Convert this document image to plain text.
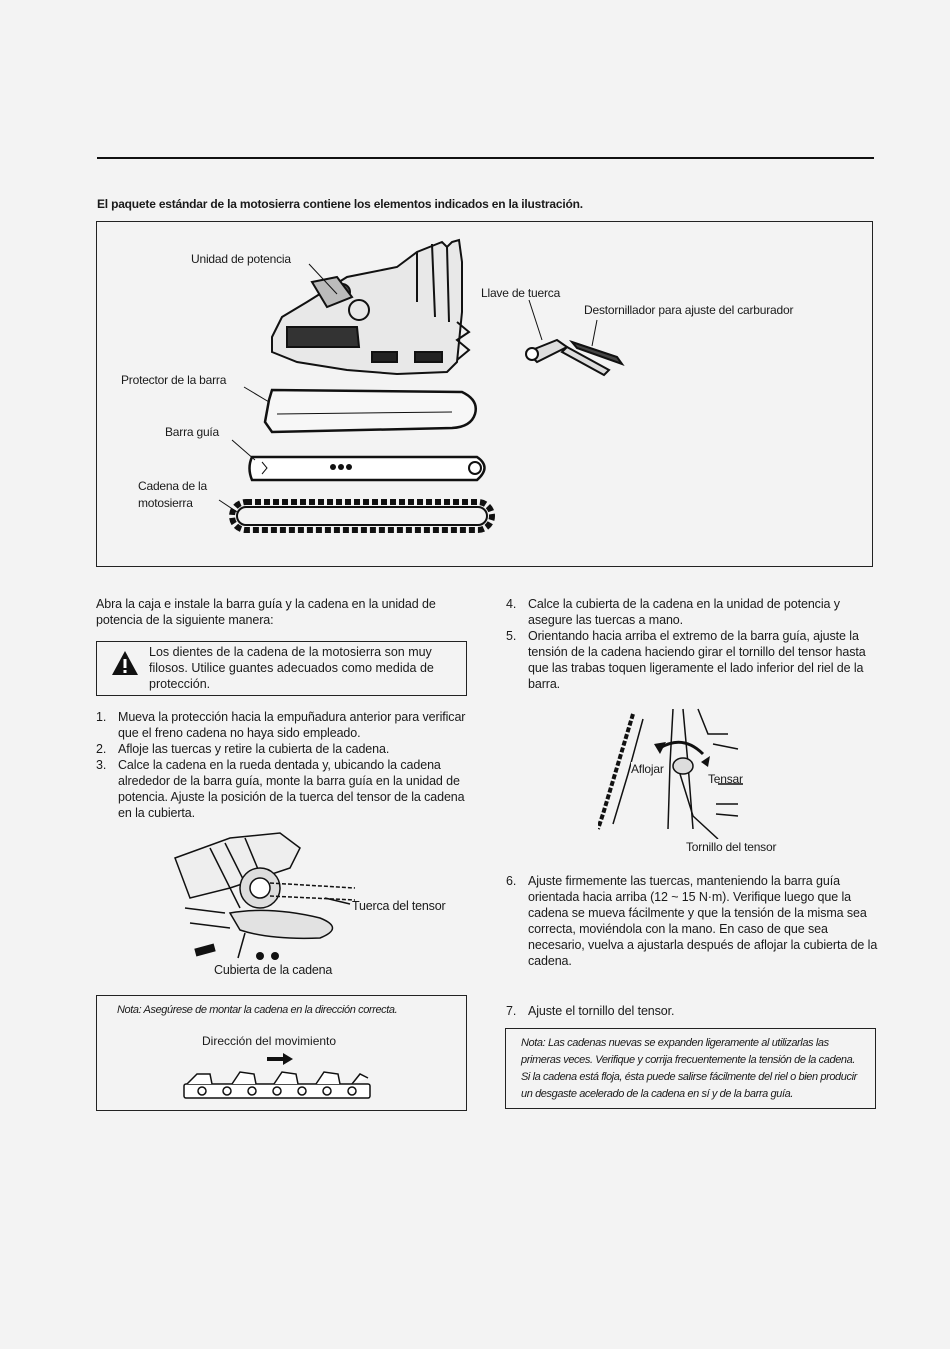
El paquete estándar de la motosierra contiene los elementos indicados en la ilustración.
Unidad de potencia
Llave de tuerca
Destornillador para ajuste del carburador
Protector de la barra
Barra guía
Cadena de la
motosierra
Abra la caja e instale la barra guía y la cadena en la unidad de potencia de la siguiente manera:
Los dientes de la cadena de la motosierra son muy filosos. Utilice guantes adecuados como medida de protección.
1. Mueva la protección hacia la empuñadura anterior para verificar que el freno cadena no haya sido empleado.
2. Afloje las tuercas y retire la cubierta de la cadena.
3. Calce la cadena en la rueda dentada y, ubicando la cadena alrededor de la barra guía, monte la barra guía en la unidad de potencia. Ajuste la posición de la tuerca del tensor de la cadena en la cubierta.
Tuerca del tensor
Cubierta de la cadena
Nota: Asegúrese de montar la cadena en la dirección correcta.
Dirección del movimiento
4. Calce la cubierta de la cadena en la unidad de potencia y asegure las tuercas a mano.
5. Orientando hacia arriba el extremo de la barra guía, ajuste la tensión de la cadena haciendo girar el tornillo del tensor hasta que las trabas toquen ligeramente el lado inferior del riel de la barra.
Aflojar
Tensar
Tornillo del tensor
6. Ajuste firmemente las tuercas, manteniendo la barra guía orientada hacia arriba (12 ~ 15 N·m). Verifique luego que la cadena se mueva fácilmente y que la tensión de la misma sea correcta, moviéndola con la mano. En caso de que sea necesario, vuelva a ajustarla después de aflojar la cubierta de la cadena.
7. Ajuste el tornillo del tensor.
Nota: Las cadenas nuevas se expanden ligeramente al utilizarlas las primeras veces. Verifique y corrija frecuentemente la tensión de la cadena. Si la cadena está floja, ésta puede salirse fácilmente del riel o bien producir un desgaste acelerado de la cadena en sí y de la barra guía.
